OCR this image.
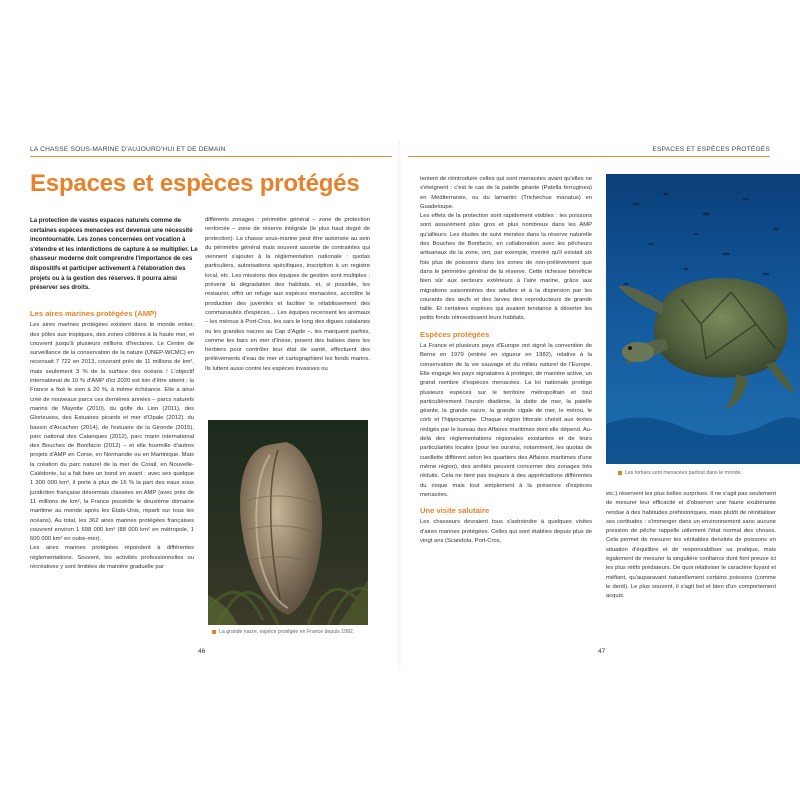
LA CHASSE SOUS-MARINE D'AUJOURD'HUI ET DE DEMAIN	ESPACES ET ESPÈCES PROTÉGÉS
Espaces et espèces protégés

La protection de vastes espaces naturels comme de certaines espèces menacées est devenue une nécessité incontournable. Les zones concernées ont vocation à s'étendre et les interdictions de capture à se multiplier. Le chasseur moderne doit comprendre l'importance de ces dispositifs et participer activement à l'élaboration des projets ou à la gestion des réserves. Il pourra ainsi préserver ses droits.

Les aires marines protégées (AMP)

Les aires marines protégées existent dans le monde entier, des pôles aux tropiques, des zones côtières à la haute mer, et couvrent jusqu'à plusieurs millions d'hectares. Le Centre de surveillance de la conservation de la nature (UNEP-WCMC) en recensait 7 722 en 2013, couvrant près de 11 millions de km², mais seulement 3 % de la surface des océans ! L'objectif international de 10 % d'AMP d'ici 2020 est loin d'être atteint ; la France a fixé le sien à 20 %, à même échéance. Elle a ainsi créé de nouveaux parcs ces dernières années – parcs naturels marins de Mayotte (2010), du golfe du Lion (2011), des Glorieuses, des Estuaires picards et mer d'Opale (2012), du bassin d'Arcachon (2014), de l'estuaire de la Gironde (2015), parc national des Calanques (2012), parc marin international des Bouches de Bonifacio (2012) – et elle fourmille d'autres projets d'AMP en Corse, en Normandie ou en Martinique. Mais la création du parc naturel de la mer de Corail, en Nouvelle-Calédonie, lui a fait faire un bond en avant : avec ses quelque 1 300 000 km², il porte à plus de 16 % la part des eaux sous juridiction française désormais classées en AMP (avec près de 11 millions de km², la France possède le deuxième domaine maritime au monde après les États-Unis, réparti sur tous les océans). Au total, les 362 aires marines protégées françaises couvrent environ 1 698 000 km² (88 000 km² en métropole, 1 600 000 km² en outre-mer).

Les aires marines protégées répondent à différentes réglementations. Souvent, les activités professionnelles ou récréatives y sont limitées de manière graduelle par

différents zonages : périmètre général – zone de protection renforcée – zone de réserve intégrale (le plus haut degré de protection). La chasse sous-marine peut être autorisée au sein du périmètre général mais souvent assortie de contraintes qui viennent s'ajouter à la réglementation nationale : quotas particuliers, autorisations spécifiques, inscription à un registre local, etc. Les missions des équipes de gestion sont multiples : prévenir la dégradation des habitats, et, si possible, les restaurer, offrir un refuge aux espèces menacées, accroître la production des juvéniles et faciliter le rétablissement des communautés d'espèces… Les équipes recensent les animaux – les mérous à Port-Cros, les sars le long des digues catalanes ou les grandes nacres au Cap d'Agde –, les marquent parfois, comme les bars en mer d'Iroise, posent des balises dans les herbiers pour contrôler leur état de santé, effectuent des prélèvements d'eau de mer et cartographient les fonds marins. Ils luttent aussi contre les espèces invasives ou

La grande nacre, espèce protégée en France depuis 1992.
46

tentent de réintroduire celles qui sont menacées avant qu'elles ne s'éteignent : c'est le cas de la patelle géante (Patella ferruginea) en Méditerranée, ou du lamantin (Trichechus manatus) en Guadeloupe.

Les effets de la protection sont rapidement visibles : les poissons sont assurément plus gros et plus nombreux dans les AMP qu'ailleurs. Les études de suivi menées dans la réserve naturelle des Bouches de Bonifacio, en collaboration avec les pêcheurs artisanaux de la zone, ont, par exemple, montré qu'il existait six fois plus de poissons dans les zones de non-prélèvement que dans le périmètre général de la réserve. Cette richesse bénéficie bien sûr aux secteurs extérieurs à l'aire marine, grâce aux migrations saisonnières des adultes et à la dispersion par les courants des œufs et des larves des reproducteurs de grande taille. Et certaines espèces qui avaient tendance à déserter les petits fonds réinvestissent leurs habitats.

Espèces protégées

La France et plusieurs pays d'Europe ont signé la convention de Berne en 1979 (entrée en vigueur en 1982), relative à la conservation de la vie sauvage et du milieu naturel de l'Europe. Elle engage les pays signataires à protéger, de manière active, un grand nombre d'espèces menacées. La loi nationale protège plusieurs espèces sur le territoire métropolitain et tout particulièrement l'oursin diadème, la datte de mer, la patelle géante, la grande nacre, la grande cigale de mer, le mérou, le corb et l'hippocampe. Chaque région littorale choisit aux textes rédigés par le bureau des Affaires maritimes dont elle dépend. Au-delà des réglementations régionales existantes et de leurs particularités locales (pour les oursins, notamment, les quotas de cueillette diffèrent selon les quartiers des Affaires maritimes d'une même région), des arrêtés peuvent concerner des zonages très réduits. Cela ne tient pas toujours à des appréciations différentes du risque mais tout simplement à la présence d'espèces menacées.

Une visite salutaire

Les chasseurs devraient tous s'astreindre à quelques visites d'aires marines protégées. Celles qui sont établies depuis plus de vingt ans (Scandola, Port-Cros,

Les tortues sont menacées partout dans le monde.

etc.) réservent les plus belles surprises. Il ne s'agit pas seulement de mesurer leur efficacité et d'observer une faune exubérante rendue à des habitudes préhistoriques, mais plutôt de réinitialiser ses certitudes : s'immerger dans un environnement sans aucune pression de pêche rappelle utilement l'état normal des choses. Cela permet de mesurer les véritables densités de poissons en situation d'équilibre et de responsabiliser sa pratique, mais également de mesurer la singulière confiance dont font preuve ici les plus rétifs prédateurs. De quoi relativiser le caractère fuyant et méfiant, qu'auparavant naturellement certains poissons (comme le denti). Le plus souvent, il s'agit bel et bien d'un comportement acquis.

47
